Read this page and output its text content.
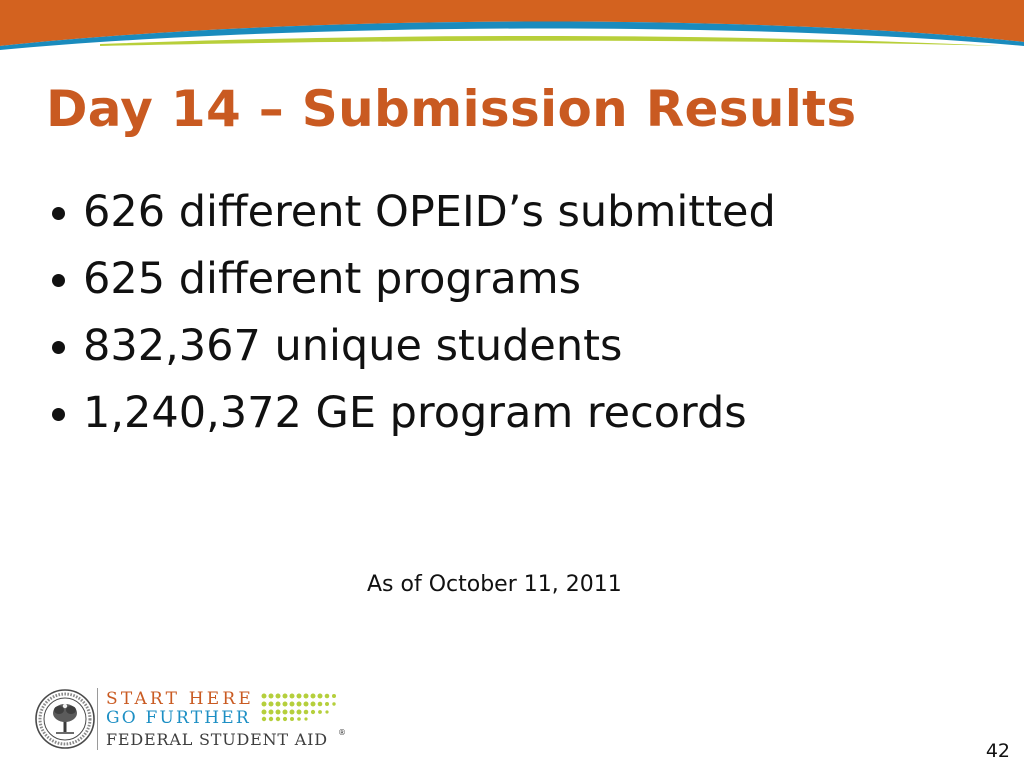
Day 14 – Submission Results
626 different OPEID’s submitted
625 different programs
832,367 unique students
1,240,372 GE program records
As of October 11, 2011
START HERE
GO FURTHER
FEDERAL STUDENT AID ®
42
